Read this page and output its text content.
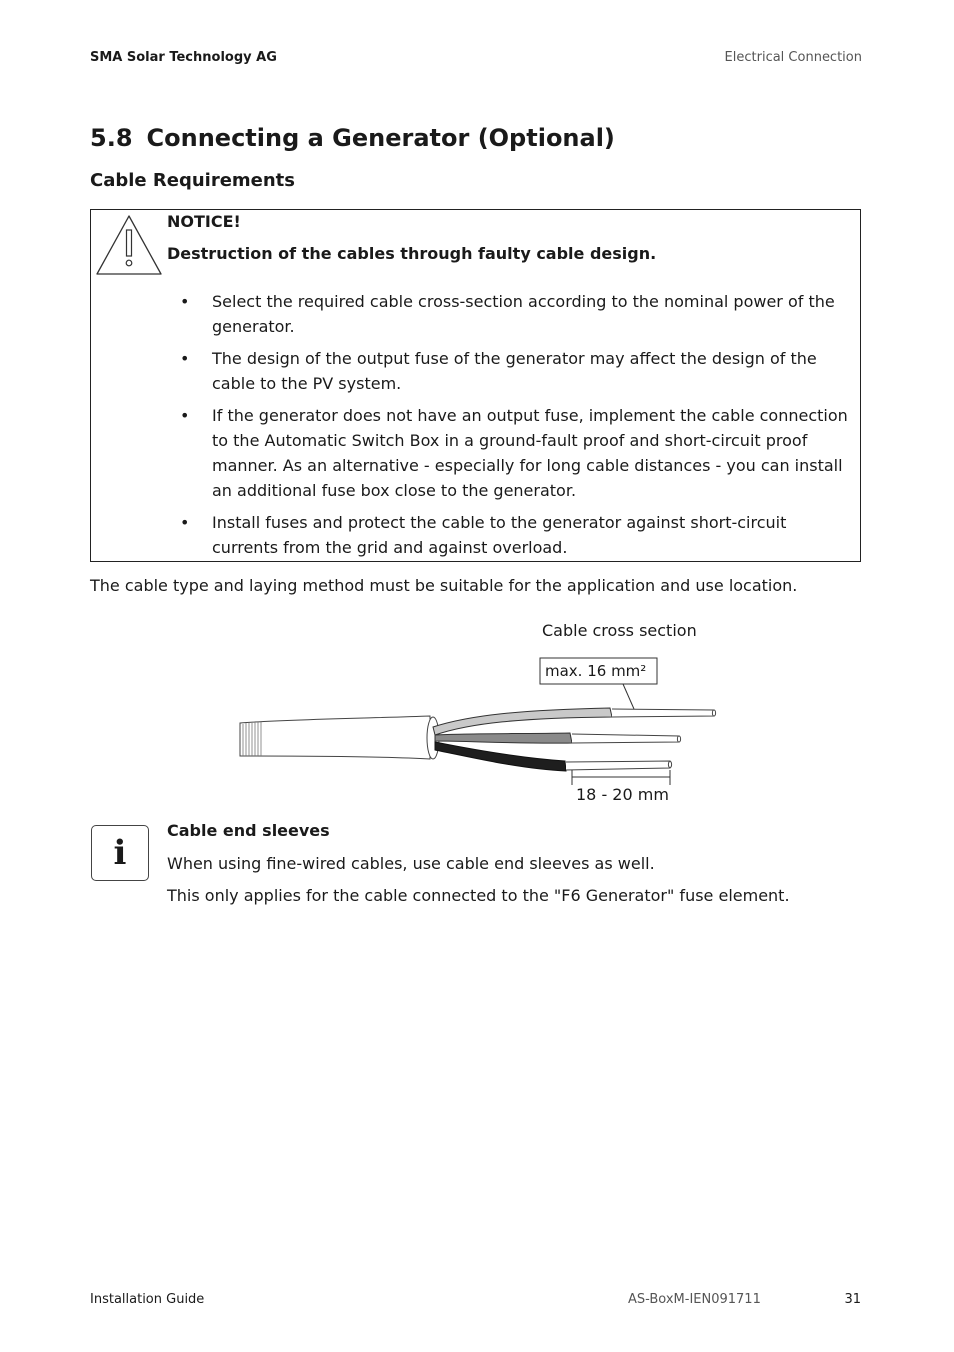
SMA Solar Technology AG	Electrical Connection
5.8 Connecting a Generator (Optional)
Cable Requirements
NOTICE!
Destruction of the cables through faulty cable design.
• Select the required cable cross-section according to the nominal power of the generator.
• The design of the output fuse of the generator may affect the design of the cable to the PV system.
• If the generator does not have an output fuse, implement the cable connection to the Automatic Switch Box in a ground-fault proof and short-circuit proof manner. As an alternative - especially for long cable distances - you can install an additional fuse box close to the generator.
• Install fuses and protect the cable to the generator against short-circuit currents from the grid and against overload.
The cable type and laying method must be suitable for the application and use location.
Cable cross section
max. 16 mm²
18 - 20 mm
i
Cable end sleeves
When using fine-wired cables, use cable end sleeves as well.
This only applies for the cable connected to the "F6 Generator" fuse element.
Installation Guide	AS-BoxM-IEN091711	31
